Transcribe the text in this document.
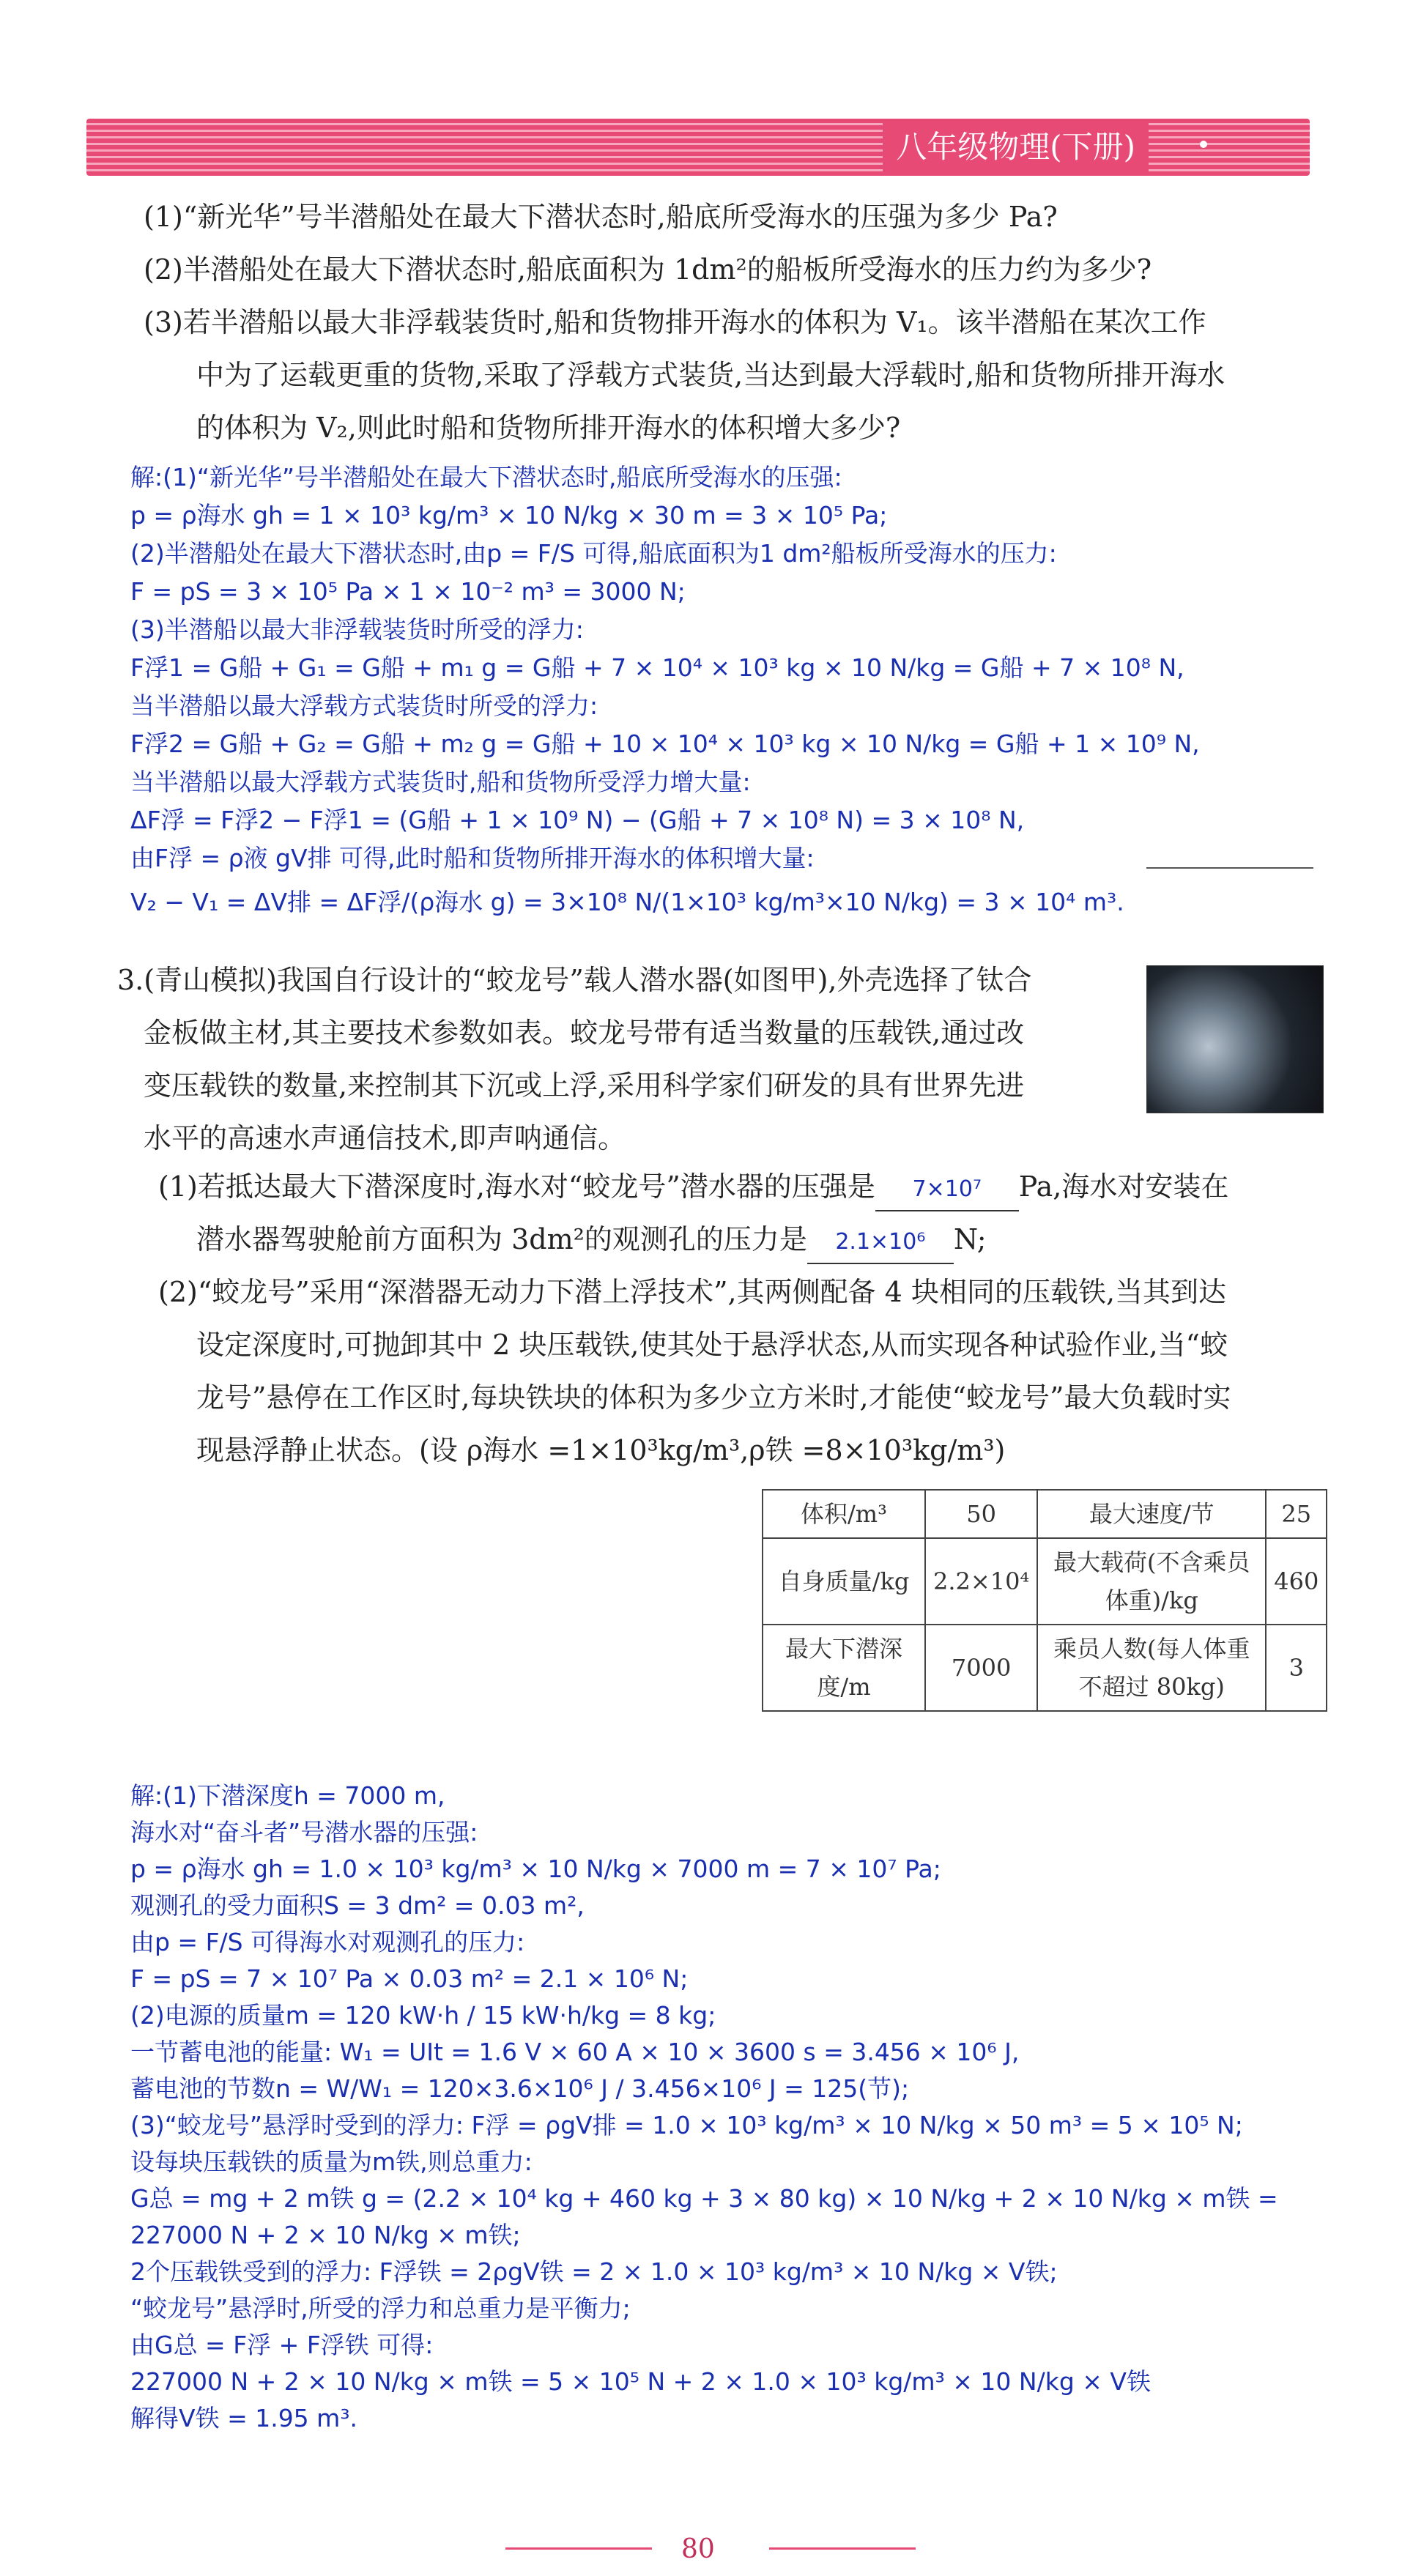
八年级物理(下册)
(1)“新光华”号半潜船处在最大下潜状态时,船底所受海水的压强为多少 Pa?
(2)半潜船处在最大下潜状态时,船底面积为 1dm²的船板所受海水的压力约为多少?
(3)若半潜船以最大非浮载装货时,船和货物排开海水的体积为 V₁。该半潜船在某次工作
中为了运载更重的货物,采取了浮载方式装货,当达到最大浮载时,船和货物所排开海水
的体积为 V₂,则此时船和货物所排开海水的体积增大多少?
解:(1)“新光华”号半潜船处在最大下潜状态时,船底所受海水的压强:
p = ρ海水 gh = 1 × 10³ kg/m³ × 10 N/kg × 30 m = 3 × 10⁵ Pa;
(2)半潜船处在最大下潜状态时,由p = F/S 可得,船底面积为1 dm²船板所受海水的压力:
F = pS = 3 × 10⁵ Pa × 1 × 10⁻² m³ = 3000 N;
(3)半潜船以最大非浮载装货时所受的浮力:
F浮1 = G船 + G₁ = G船 + m₁ g = G船 + 7 × 10⁴ × 10³ kg × 10 N/kg = G船 + 7 × 10⁸ N,
当半潜船以最大浮载方式装货时所受的浮力:
F浮2 = G船 + G₂ = G船 + m₂ g = G船 + 10 × 10⁴ × 10³ kg × 10 N/kg = G船 + 1 × 10⁹ N,
当半潜船以最大浮载方式装货时,船和货物所受浮力增大量:
ΔF浮 = F浮2 − F浮1 = (G船 + 1 × 10⁹ N) − (G船 + 7 × 10⁸ N) = 3 × 10⁸ N,
由F浮 = ρ液 gV排 可得,此时船和货物所排开海水的体积增大量:
V₂ − V₁ = ΔV排 = ΔF浮/(ρ海水 g) = 3×10⁸ N/(1×10³ kg/m³×10 N/kg) = 3 × 10⁴ m³.
3.(青山模拟)我国自行设计的“蛟龙号”载人潜水器(如图甲),外壳选择了钛合
金板做主材,其主要技术参数如表。蛟龙号带有适当数量的压载铁,通过改
变压载铁的数量,来控制其下沉或上浮,采用科学家们研发的具有世界先进
水平的高速水声通信技术,即声呐通信。
(1)若抵达最大下潜深度时,海水对“蛟龙号”潜水器的压强是 7×10⁷ Pa,海水对安装在
潜水器驾驶舱前方面积为 3dm²的观测孔的压力是 2.1×10⁶ N;
(2)“蛟龙号”采用“深潜器无动力下潜上浮技术”,其两侧配备 4 块相同的压载铁,当其到达
设定深度时,可抛卸其中 2 块压载铁,使其处于悬浮状态,从而实现各种试验作业,当“蛟
龙号”悬停在工作区时,每块铁块的体积为多少立方米时,才能使“蛟龙号”最大负载时实
现悬浮静止状态。(设 ρ海水 =1×10³kg/m³,ρ铁 =8×10³kg/m³)
体积/m³	50	最大速度/节	25
自身质量/kg	2.2×10⁴	最大载荷(不含乘员体重)/kg	460
最大下潜深度/m	7000	乘员人数(每人体重不超过 80kg)	3
解:(1)下潜深度h = 7000 m,
海水对“奋斗者”号潜水器的压强:
p = ρ海水 gh = 1.0 × 10³ kg/m³ × 10 N/kg × 7000 m = 7 × 10⁷ Pa;
观测孔的受力面积S = 3 dm² = 0.03 m²,
由p = F/S 可得海水对观测孔的压力:
F = pS = 7 × 10⁷ Pa × 0.03 m² = 2.1 × 10⁶ N;
(2)电源的质量m = 120 kW·h / 15 kW·h/kg = 8 kg;
一节蓄电池的能量: W₁ = UIt = 1.6 V × 60 A × 10 × 3600 s = 3.456 × 10⁶ J,
蓄电池的节数n = W/W₁ = 120×3.6×10⁶ J / 3.456×10⁶ J = 125(节);
(3)“蛟龙号”悬浮时受到的浮力: F浮 = ρgV排 = 1.0 × 10³ kg/m³ × 10 N/kg × 50 m³ = 5 × 10⁵ N;
设每块压载铁的质量为m铁,则总重力:
G总 = mg + 2 m铁 g = (2.2 × 10⁴ kg + 460 kg + 3 × 80 kg) × 10 N/kg + 2 × 10 N/kg × m铁 =
227000 N + 2 × 10 N/kg × m铁;
2个压载铁受到的浮力: F浮铁 = 2ρgV铁 = 2 × 1.0 × 10³ kg/m³ × 10 N/kg × V铁;
“蛟龙号”悬浮时,所受的浮力和总重力是平衡力;
由G总 = F浮 + F浮铁 可得:
227000 N + 2 × 10 N/kg × m铁 = 5 × 10⁵ N + 2 × 1.0 × 10³ kg/m³ × 10 N/kg × V铁
解得V铁 = 1.95 m³.
80
